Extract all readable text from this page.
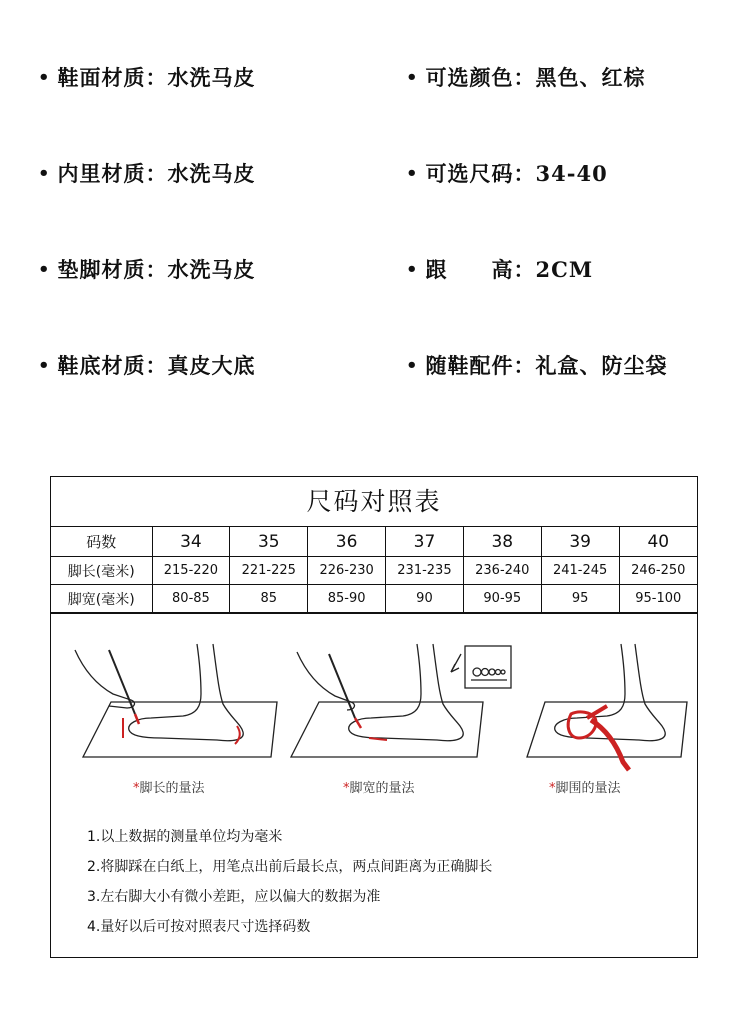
• 鞋面材质： 水洗马皮	• 可选颜色： 黑色、红棕
• 内里材质： 水洗马皮	• 可选尺码： 34-40
• 垫脚材质： 水洗马皮	• 跟　　高： 2CM
• 鞋底材质： 真皮大底	• 随鞋配件： 礼盒、防尘袋
尺码对照表
码数	34	35	36	37	38	39	40
脚长(毫米)	215-220	221-225	226-230	231-235	236-240	241-245	246-250
脚宽(毫米)	80-85	85	85-90	90	90-95	95	95-100
*脚长的量法	*脚宽的量法	*脚围的量法
1.以上数据的测量单位均为毫米
2.将脚踩在白纸上，用笔点出前后最长点，两点间距离为正确脚长
3.左右脚大小有微小差距，应以偏大的数据为准
4.量好以后可按对照表尺寸选择码数
